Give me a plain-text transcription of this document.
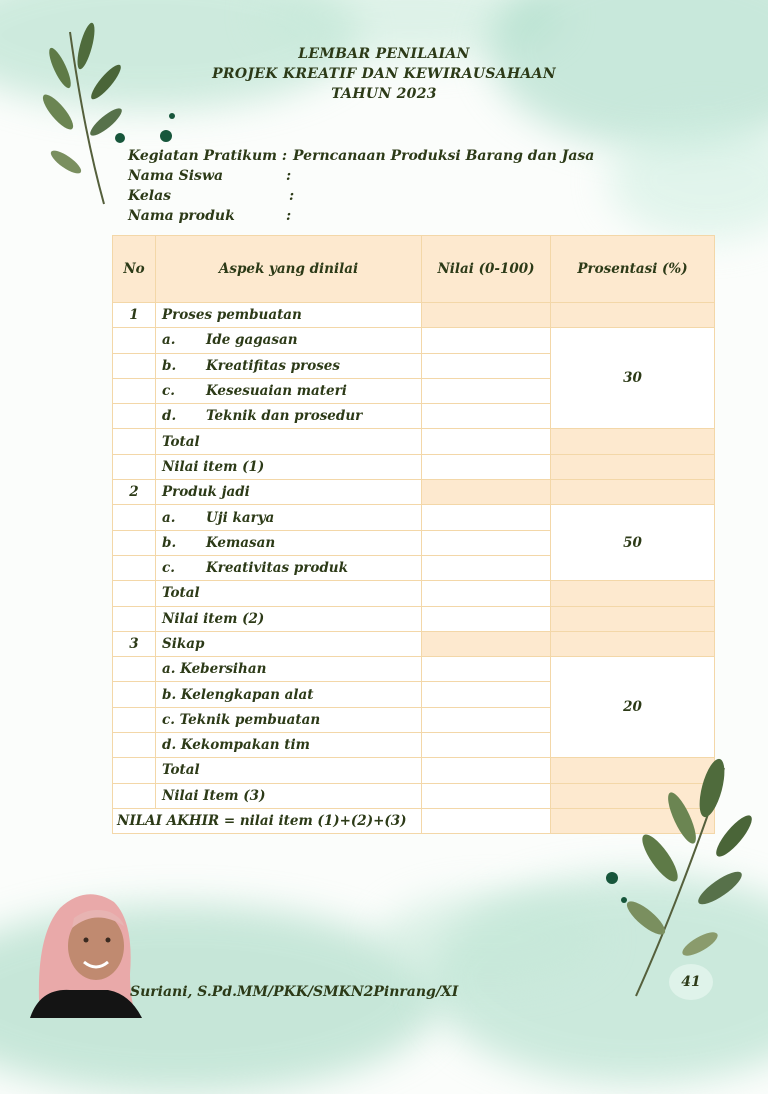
LEMBAR PENILAIAN
PROJEK KREATIF DAN KEWIRAUSAHAAN
TAHUN 2023
Kegiatan Pratikum : Perncanaan Produksi Barang dan Jasa
Nama Siswa	:
Kelas	:
Nama produk	:
No	Aspek yang dinilai	Nilai (0-100)	Prosentasi (%)
1	Proses pembuatan		
	a. Ide gagasan		30
	b. Kreatifitas proses		
	c. Kesesuaian materi		
	d. Teknik dan prosedur		
	Total		
	Nilai item (1)		
2	Produk jadi		
	a. Uji karya		50
	b. Kemasan		
	c. Kreativitas produk		
	Total		
	Nilai item (2)		
3	Sikap		
	a. Kebersihan		20
	b. Kelengkapan alat		
	c. Teknik pembuatan		
	d. Kekompakan tim		
	Total		
	Nilai Item (3)		
NILAI AKHIR = nilai item (1)+(2)+(3)			
Suriani, S.Pd.MM/PKK/SMKN2Pinrang/XI
41
